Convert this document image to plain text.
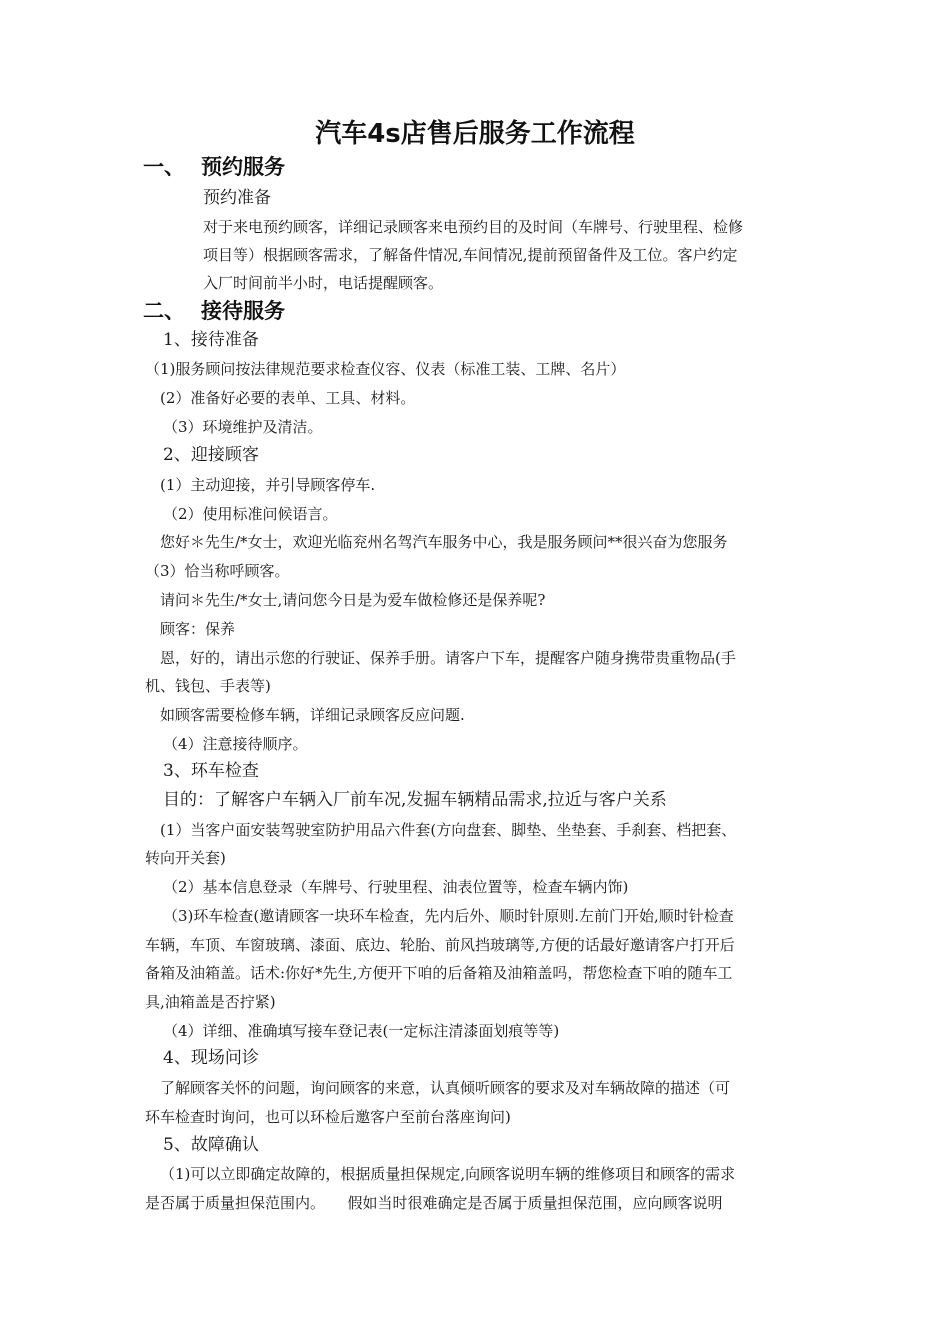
汽车4s店售后服务工作流程
一、 预约服务
预约准备
对于来电预约顾客，详细记录顾客来电预约目的及时间（车牌号、行驶里程、检修
项目等）根据顾客需求，了解备件情况,车间情况,提前预留备件及工位。客户约定
入厂时间前半小时，电话提醒顾客。
二、 接待服务
1、接待准备
（1)服务顾问按法律规范要求检查仪容、仪表（标准工装、工牌、名片）
(2）准备好必要的表单、工具、材料。
（3）环境维护及清洁。
2、迎接顾客
(1）主动迎接，并引导顾客停车.
（2）使用标准问候语言。
您好＊先生/*女士，欢迎光临兖州名驾汽车服务中心，我是服务顾问**很兴奋为您服务
（3）恰当称呼顾客。
请问＊先生/*女士,请问您今日是为爱车做检修还是保养呢?
顾客：保养
恩，好的，请出示您的行驶证、保养手册。请客户下车，提醒客户随身携带贵重物品(手
机、钱包、手表等)
如顾客需要检修车辆，详细记录顾客反应问题.
（4）注意接待顺序。
3、环车检查
目的：了解客户车辆入厂前车况,发掘车辆精品需求,拉近与客户关系
(1）当客户面安装驾驶室防护用品六件套(方向盘套、脚垫、坐垫套、手刹套、档把套、
转向开关套)
（2）基本信息登录（车牌号、行驶里程、油表位置等，检查车辆内饰)
（3)环车检查(邀请顾客一块环车检查，先内后外、顺时针原则.左前门开始,顺时针检查
车辆，车顶、车窗玻璃、漆面、底边、轮胎、前风挡玻璃等,方便的话最好邀请客户打开后
备箱及油箱盖。话术:你好*先生,方便开下咱的后备箱及油箱盖吗，帮您检查下咱的随车工
具,油箱盖是否拧紧)
（4）详细、准确填写接车登记表(一定标注清漆面划痕等等)
4、现场问诊
了解顾客关怀的问题，询问顾客的来意，认真倾听顾客的要求及对车辆故障的描述（可
环车检查时询问，也可以环检后邀客户至前台落座询问)
5、故障确认
（1)可以立即确定故障的，根据质量担保规定,向顾客说明车辆的维修项目和顾客的需求
是否属于质量担保范围内。　　假如当时很难确定是否属于质量担保范围，应向顾客说明
